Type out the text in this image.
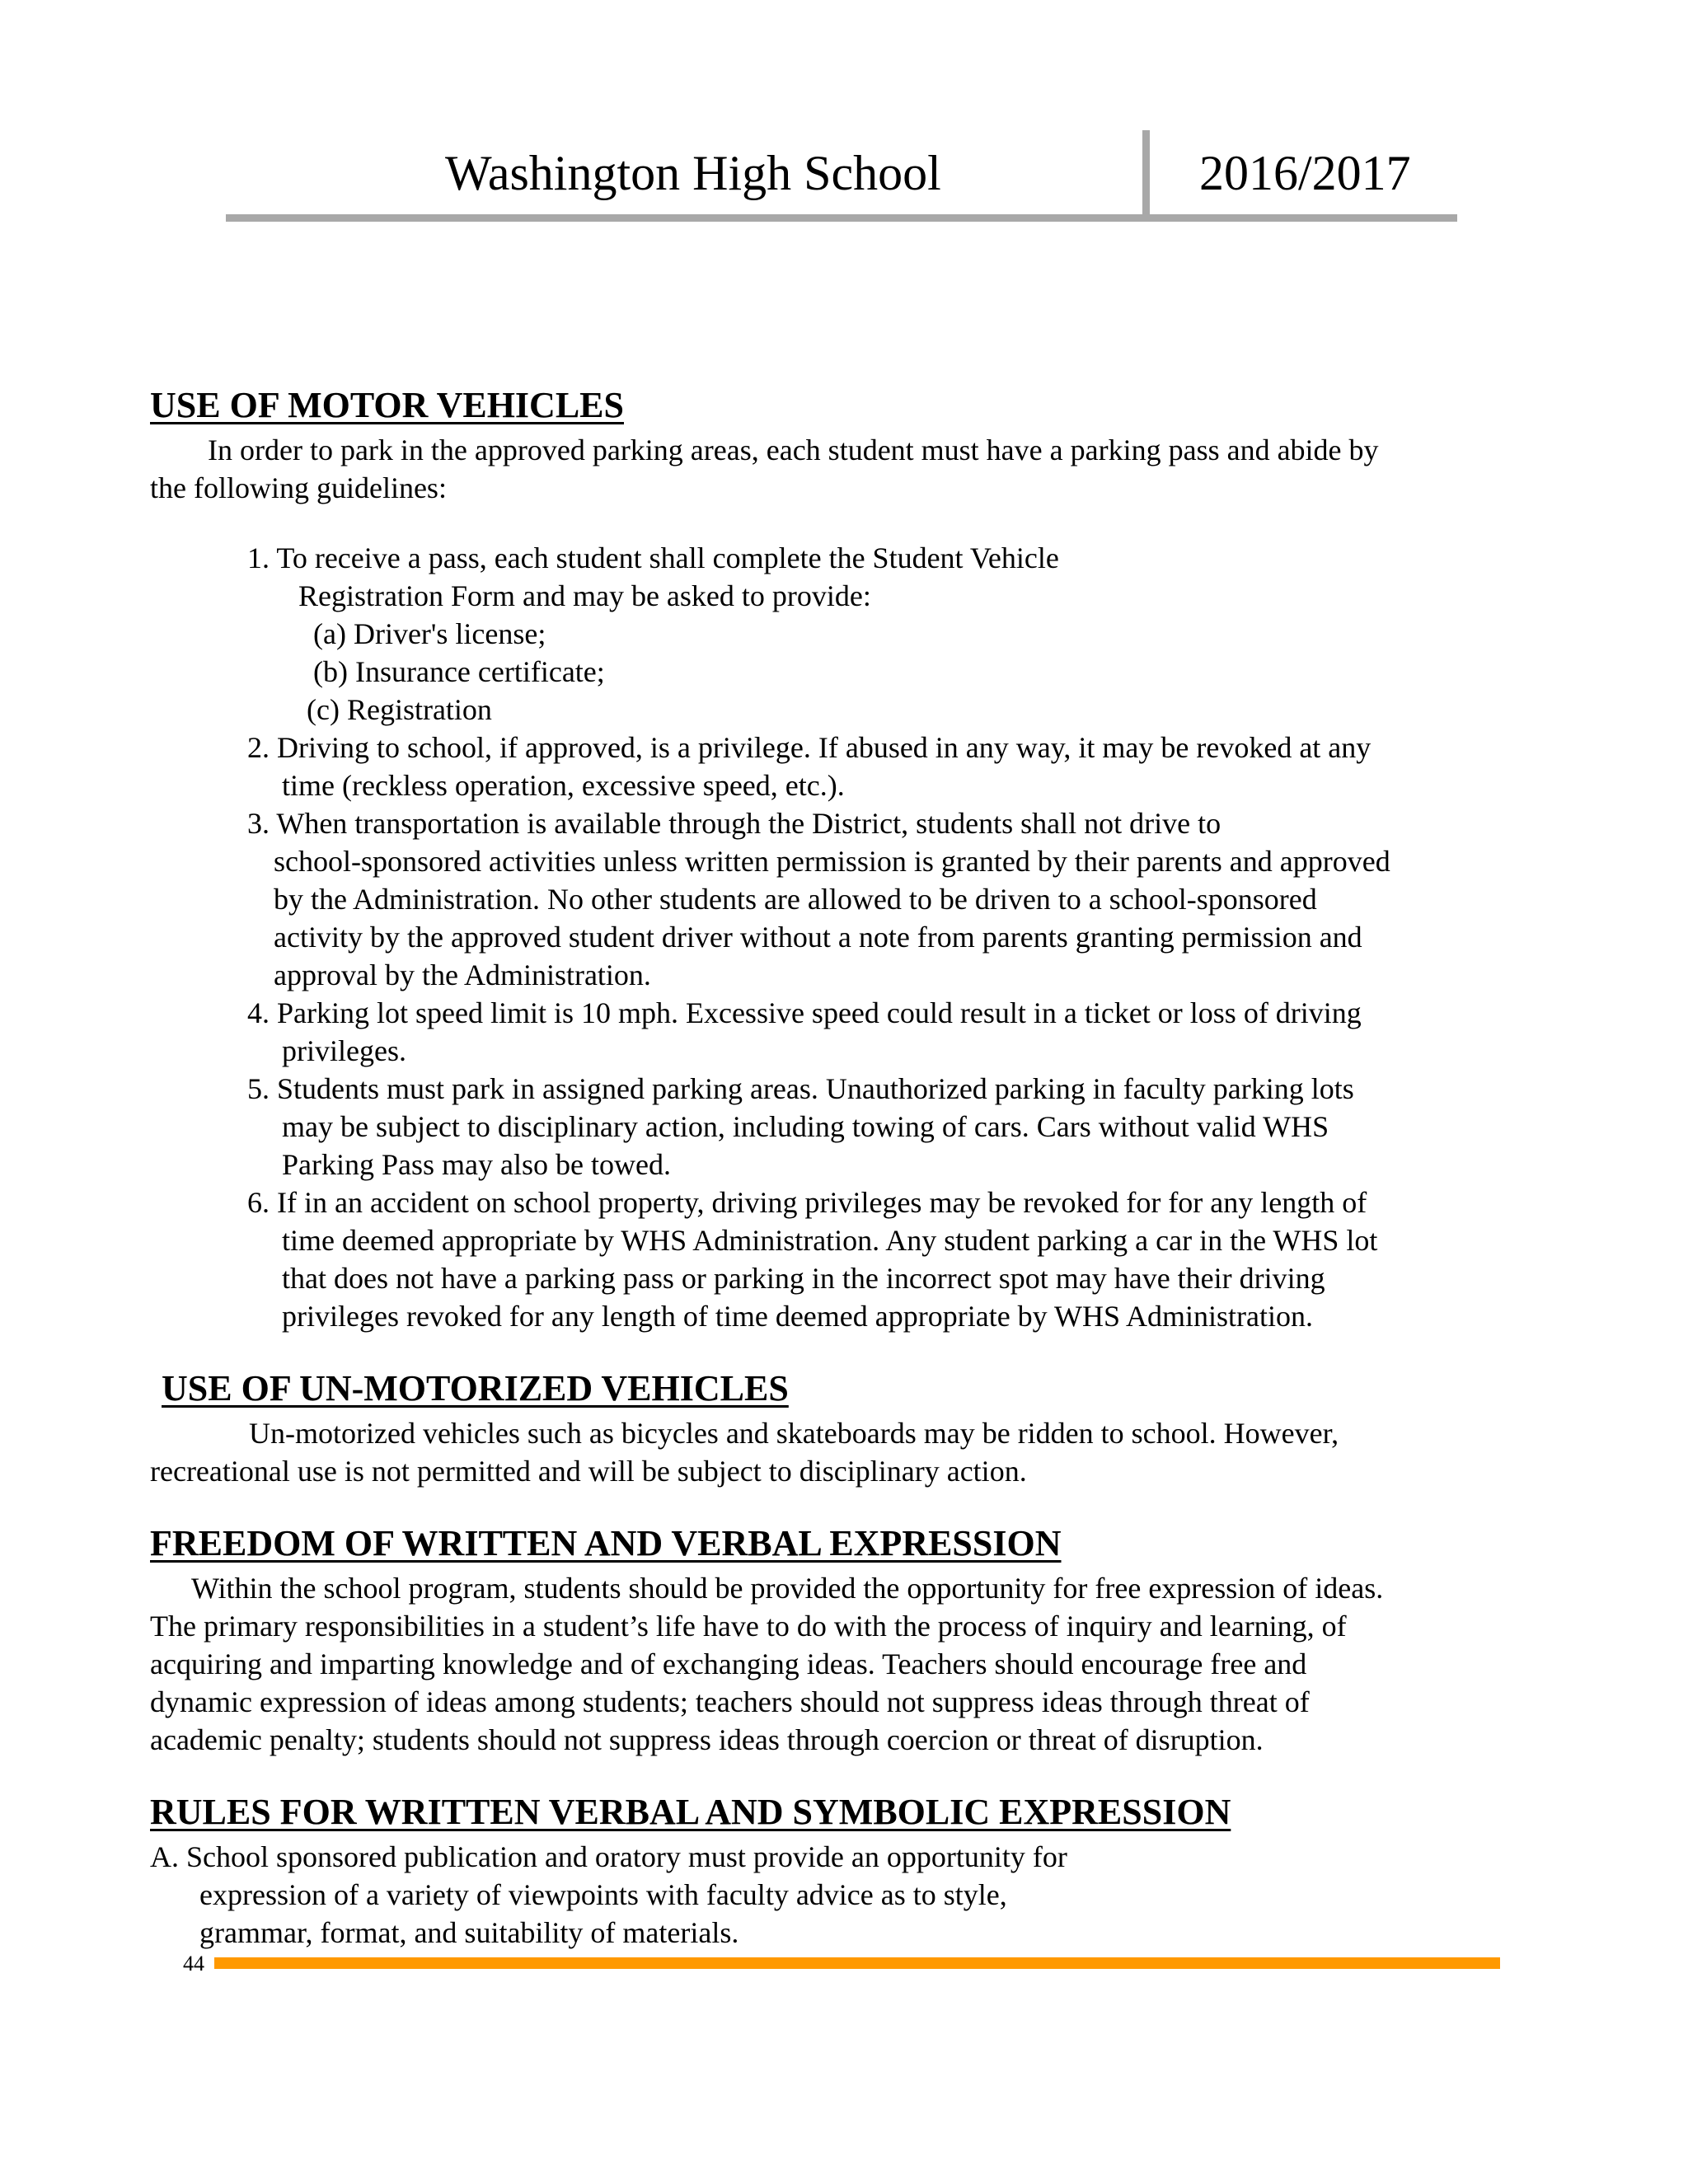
Washington High School	2016/2017
USE OF MOTOR VEHICLES
In order to park in the approved parking areas, each student must have a parking pass and abide by
the following guidelines:
1. To receive a pass, each student shall complete the Student Vehicle
Registration Form and may be asked to provide:
(a) Driver's license;
(b) Insurance certificate;
(c) Registration
2. Driving to school, if approved, is a privilege. If abused in any way, it may be revoked at any
time (reckless operation, excessive speed, etc.).
3. When transportation is available through the District, students shall not drive to
school-sponsored activities unless written permission is granted by their parents and approved
by the Administration. No other students are allowed to be driven to a school-sponsored
activity by the approved student driver without a note from parents granting permission and
approval by the Administration.
4. Parking lot speed limit is 10 mph. Excessive speed could result in a ticket or loss of driving
privileges.
5. Students must park in assigned parking areas. Unauthorized parking in faculty parking lots
may be subject to disciplinary action, including towing of cars. Cars without valid WHS
Parking Pass may also be towed.
6. If in an accident on school property, driving privileges may be revoked for for any length of
time deemed appropriate by WHS Administration. Any student parking a car in the WHS lot
that does not have a parking pass or parking in the incorrect spot may have their driving
privileges revoked for any length of time deemed appropriate by WHS Administration.
USE OF UN-MOTORIZED VEHICLES
Un-motorized vehicles such as bicycles and skateboards may be ridden to school. However,
recreational use is not permitted and will be subject to disciplinary action.
FREEDOM OF WRITTEN AND VERBAL EXPRESSION
Within the school program, students should be provided the opportunity for free expression of ideas.
The primary responsibilities in a student’s life have to do with the process of inquiry and learning, of
acquiring and imparting knowledge and of exchanging ideas. Teachers should encourage free and
dynamic expression of ideas among students; teachers should not suppress ideas through threat of
academic penalty; students should not suppress ideas through coercion or threat of disruption.
RULES FOR WRITTEN VERBAL AND SYMBOLIC EXPRESSION
A. School sponsored publication and oratory must provide an opportunity for
expression of a variety of viewpoints with faculty advice as to style,
grammar, format, and suitability of materials.
44
